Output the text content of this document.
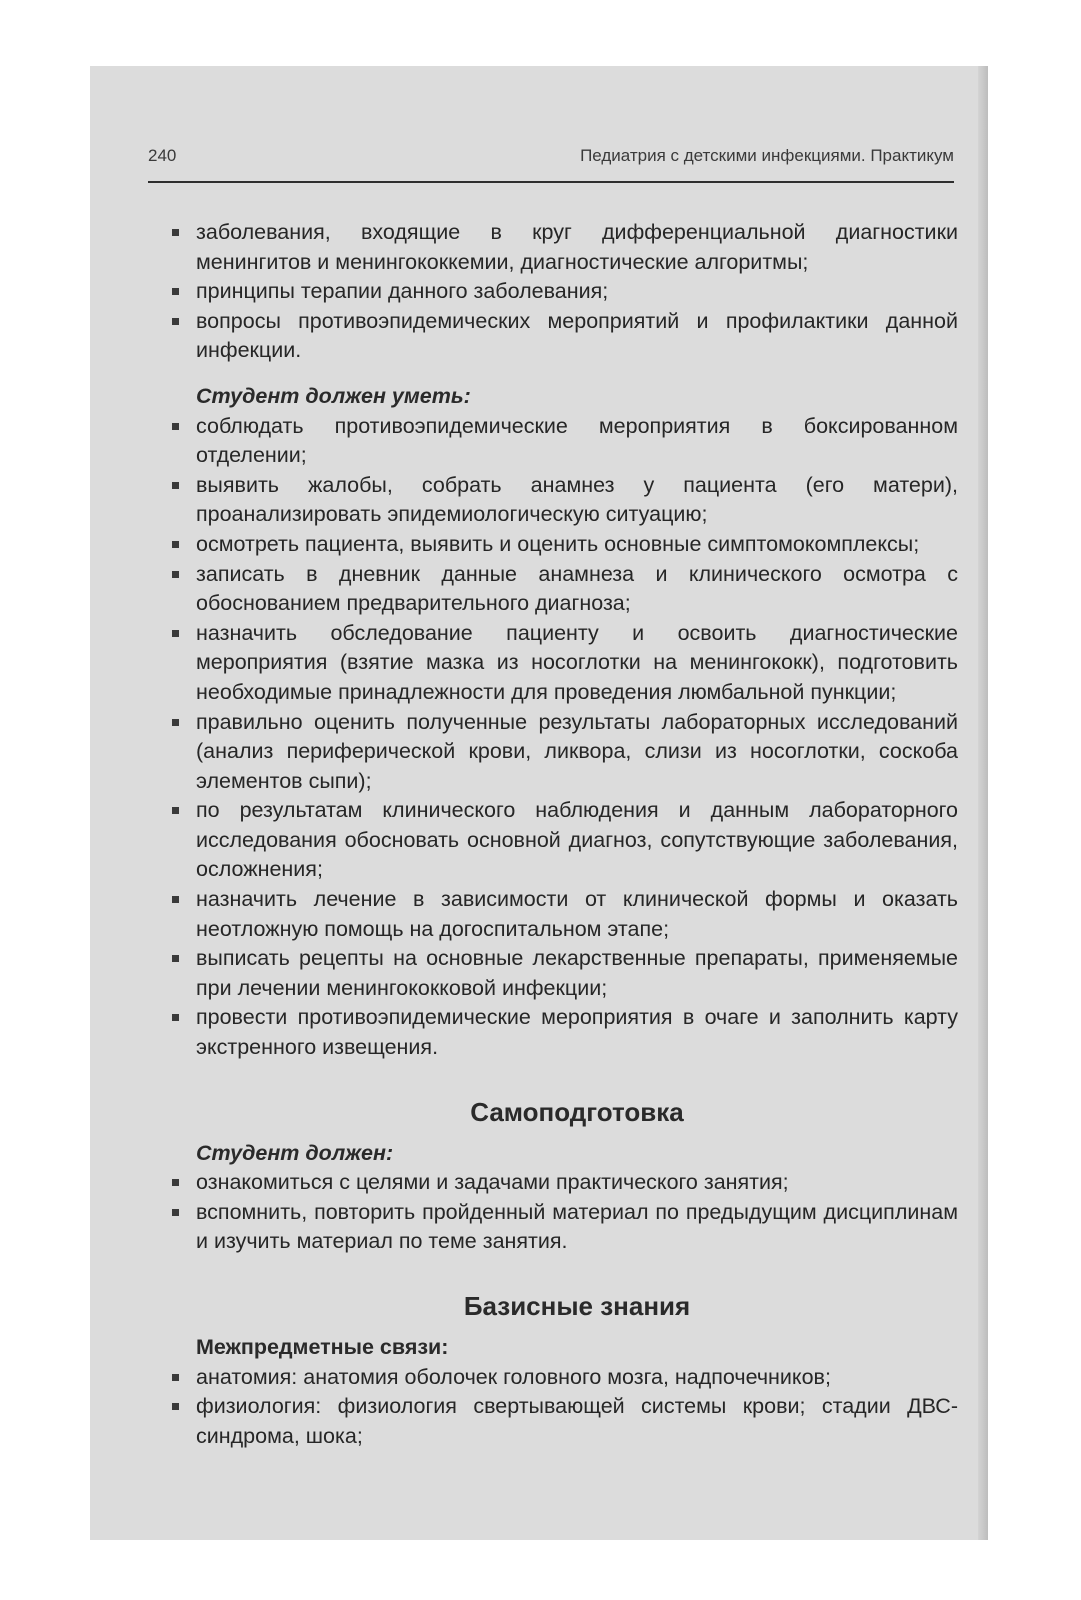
240	Педиатрия с детскими инфекциями. Практикум
заболевания, входящие в круг дифференциальной диагностики менингитов и менингококкемии, диагностические алгоритмы;
принципы терапии данного заболевания;
вопросы противоэпидемических мероприятий и профилактики данной инфекции.
Студент должен уметь:
соблюдать противоэпидемические мероприятия в боксированном отделении;
выявить жалобы, собрать анамнез у пациента (его матери), проанализировать эпидемиологическую ситуацию;
осмотреть пациента, выявить и оценить основные симптомокомплексы;
записать в дневник данные анамнеза и клинического осмотра с обоснованием предварительного диагноза;
назначить обследование пациенту и освоить диагностические мероприятия (взятие мазка из носоглотки на менингококк), подготовить необходимые принадлежности для проведения люмбальной пункции;
правильно оценить полученные результаты лабораторных исследований (анализ периферической крови, ликвора, слизи из носоглотки, соскоба элементов сыпи);
по результатам клинического наблюдения и данным лабораторного исследования обосновать основной диагноз, сопутствующие заболевания, осложнения;
назначить лечение в зависимости от клинической формы и оказать неотложную помощь на догоспитальном этапе;
выписать рецепты на основные лекарственные препараты, применяемые при лечении менингококковой инфекции;
провести противоэпидемические мероприятия в очаге и заполнить карту экстренного извещения.
Самоподготовка
Студент должен:
ознакомиться с целями и задачами практического занятия;
вспомнить, повторить пройденный материал по предыдущим дисциплинам и изучить материал по теме занятия.
Базисные знания
Межпредметные связи:
анатомия: анатомия оболочек головного мозга, надпочечников;
физиология: физиология свертывающей системы крови; стадии ДВС-синдрома, шока;
